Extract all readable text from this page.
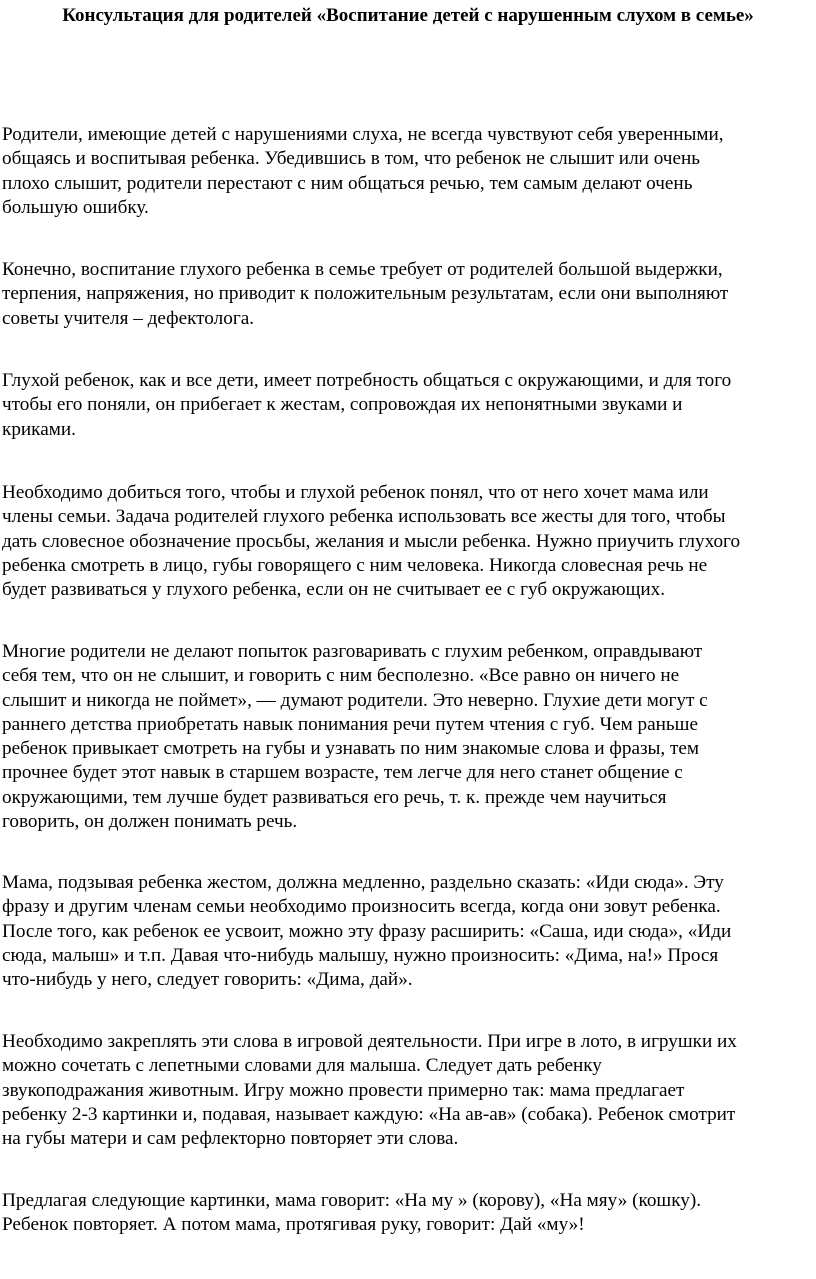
Консультация для родителей «Воспитание детей с нарушенным слухом в семье»

Родители, имеющие детей с нарушениями слуха, не всегда чувствуют себя уверенными,
общаясь и воспитывая ребенка. Убедившись в том, что ребенок не слышит или очень
плохо слышит, родители перестают с ним общаться речью, тем самым делают очень
большую ошибку.

Конечно, воспитание глухого ребенка в семье требует от родителей большой выдержки,
терпения, напряжения, но приводит к положительным результатам, если они выполняют
советы учителя – дефектолога.

Глухой ребенок, как и все дети, имеет потребность общаться с окружающими, и для того
чтобы его поняли, он прибегает к жестам, сопровождая их непонятными звуками и
криками.

Необходимо добиться того, чтобы и глухой ребенок понял, что от него хочет мама или
члены семьи. Задача родителей глухого ребенка использовать все жесты для того, чтобы
дать словесное обозначение просьбы, желания и мысли ребенка. Нужно приучить глухого
ребенка смотреть в лицо, губы говорящего с ним человека. Никогда словесная речь не
будет развиваться у глухого ребенка, если он не считывает ее с губ окружающих.

Многие родители не делают попыток разговаривать с глухим ребенком, оправдывают
себя тем, что он не слышит, и говорить с ним бесполезно. «Все равно он ничего не
слышит и никогда не поймет», — думают родители. Это неверно. Глухие дети могут с
раннего детства приобретать навык понимания речи путем чтения с губ. Чем раньше
ребенок привыкает смотреть на губы и узнавать по ним знакомые слова и фразы, тем
прочнее будет этот навык в старшем возрасте, тем легче для него станет общение с
окружающими, тем лучше будет развиваться его речь, т. к. прежде чем научиться
говорить, он должен понимать речь.

Мама, подзывая ребенка жестом, должна медленно, раздельно сказать: «Иди сюда». Эту
фразу и другим членам семьи необходимо произносить всегда, когда они зовут ребенка.
После того, как ребенок ее усвоит, можно эту фразу расширить: «Саша, иди сюда», «Иди
сюда, малыш» и т.п. Давая что-нибудь малышу, нужно произносить: «Дима, на!» Прося
что-нибудь у него, следует говорить: «Дима, дай».

Необходимо закреплять эти слова в игровой деятельности. При игре в лото, в игрушки их
можно сочетать с лепетными словами для малыша. Следует дать ребенку
звукоподражания животным. Игру можно провести примерно так: мама предлагает
ребенку 2-3 картинки и, подавая, называет каждую: «На ав-ав» (собака). Ребенок смотрит
на губы матери и сам рефлекторно повторяет эти слова.

Предлагая следующие картинки, мама говорит: «На му » (корову), «На мяу» (кошку).
Ребенок повторяет. А потом мама, протягивая руку, говорит: Дай «му»!
